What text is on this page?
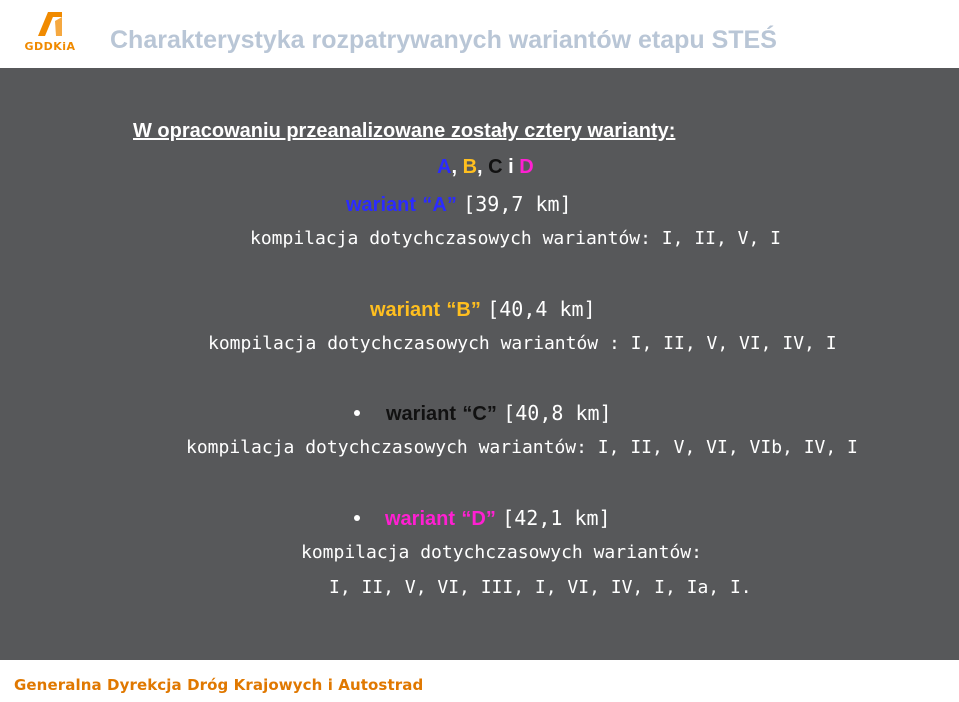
GDDKiA	Charakterystyka rozpatrywanych wariantów etapu STEŚ
W opracowaniu przeanalizowane zostały cztery warianty:
A, B, C i D
wariant “A” [39,7 km]
kompilacja dotychczasowych wariantów: I, II, V, I
wariant “B” [40,4 km]
kompilacja dotychczasowych wariantów : I, II, V, VI, IV, I
wariant “C” [40,8 km]
kompilacja dotychczasowych wariantów: I, II, V, VI, VIb, IV, I
wariant “D” [42,1 km]
kompilacja dotychczasowych wariantów:
I, II, V, VI, III, I, VI, IV, I, Ia, I.
Generalna Dyrekcja Dróg Krajowych i Autostrad
